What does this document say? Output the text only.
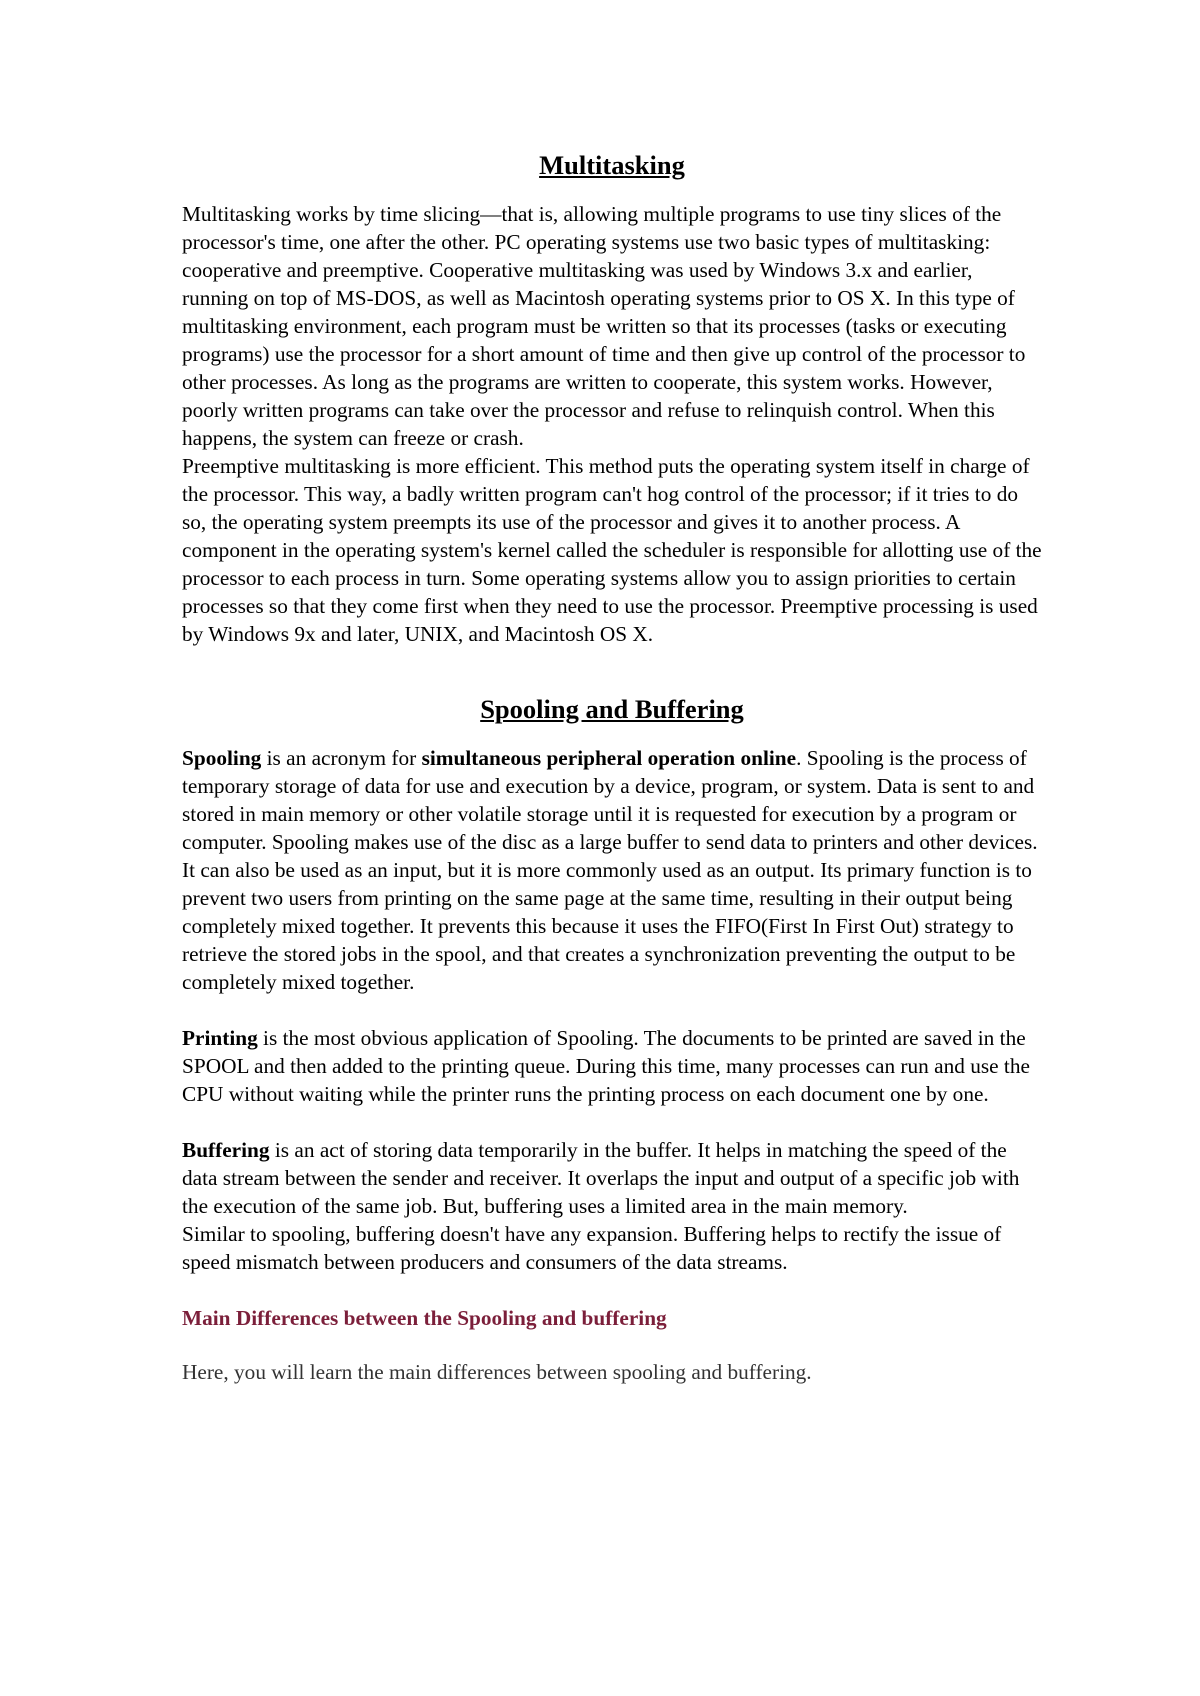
Multitasking

Multitasking works by time slicing—that is, allowing multiple programs to use tiny slices of the processor's time, one after the other. PC operating systems use two basic types of multitasking: cooperative and preemptive. Cooperative multitasking was used by Windows 3.x and earlier, running on top of MS-DOS, as well as Macintosh operating systems prior to OS X. In this type of multitasking environment, each program must be written so that its processes (tasks or executing programs) use the processor for a short amount of time and then give up control of the processor to other processes. As long as the programs are written to cooperate, this system works. However, poorly written programs can take over the processor and refuse to relinquish control. When this happens, the system can freeze or crash.

Preemptive multitasking is more efficient. This method puts the operating system itself in charge of the processor. This way, a badly written program can't hog control of the processor; if it tries to do so, the operating system preempts its use of the processor and gives it to another process. A component in the operating system's kernel called the scheduler is responsible for allotting use of the processor to each process in turn. Some operating systems allow you to assign priorities to certain processes so that they come first when they need to use the processor. Preemptive processing is used by Windows 9x and later, UNIX, and Macintosh OS X.

Spooling and Buffering

Spooling is an acronym for simultaneous peripheral operation online. Spooling is the process of temporary storage of data for use and execution by a device, program, or system. Data is sent to and stored in main memory or other volatile storage until it is requested for execution by a program or computer. Spooling makes use of the disc as a large buffer to send data to printers and other devices. It can also be used as an input, but it is more commonly used as an output. Its primary function is to prevent two users from printing on the same page at the same time, resulting in their output being completely mixed together. It prevents this because it uses the FIFO(First In First Out) strategy to retrieve the stored jobs in the spool, and that creates a synchronization preventing the output to be completely mixed together.

Printing is the most obvious application of Spooling. The documents to be printed are saved in the SPOOL and then added to the printing queue. During this time, many processes can run and use the CPU without waiting while the printer runs the printing process on each document one by one.

Buffering is an act of storing data temporarily in the buffer. It helps in matching the speed of the data stream between the sender and receiver. It overlaps the input and output of a specific job with the execution of the same job. But, buffering uses a limited area in the main memory.

Similar to spooling, buffering doesn't have any expansion. Buffering helps to rectify the issue of speed mismatch between producers and consumers of the data streams.

Main Differences between the Spooling and buffering

Here, you will learn the main differences between spooling and buffering.
